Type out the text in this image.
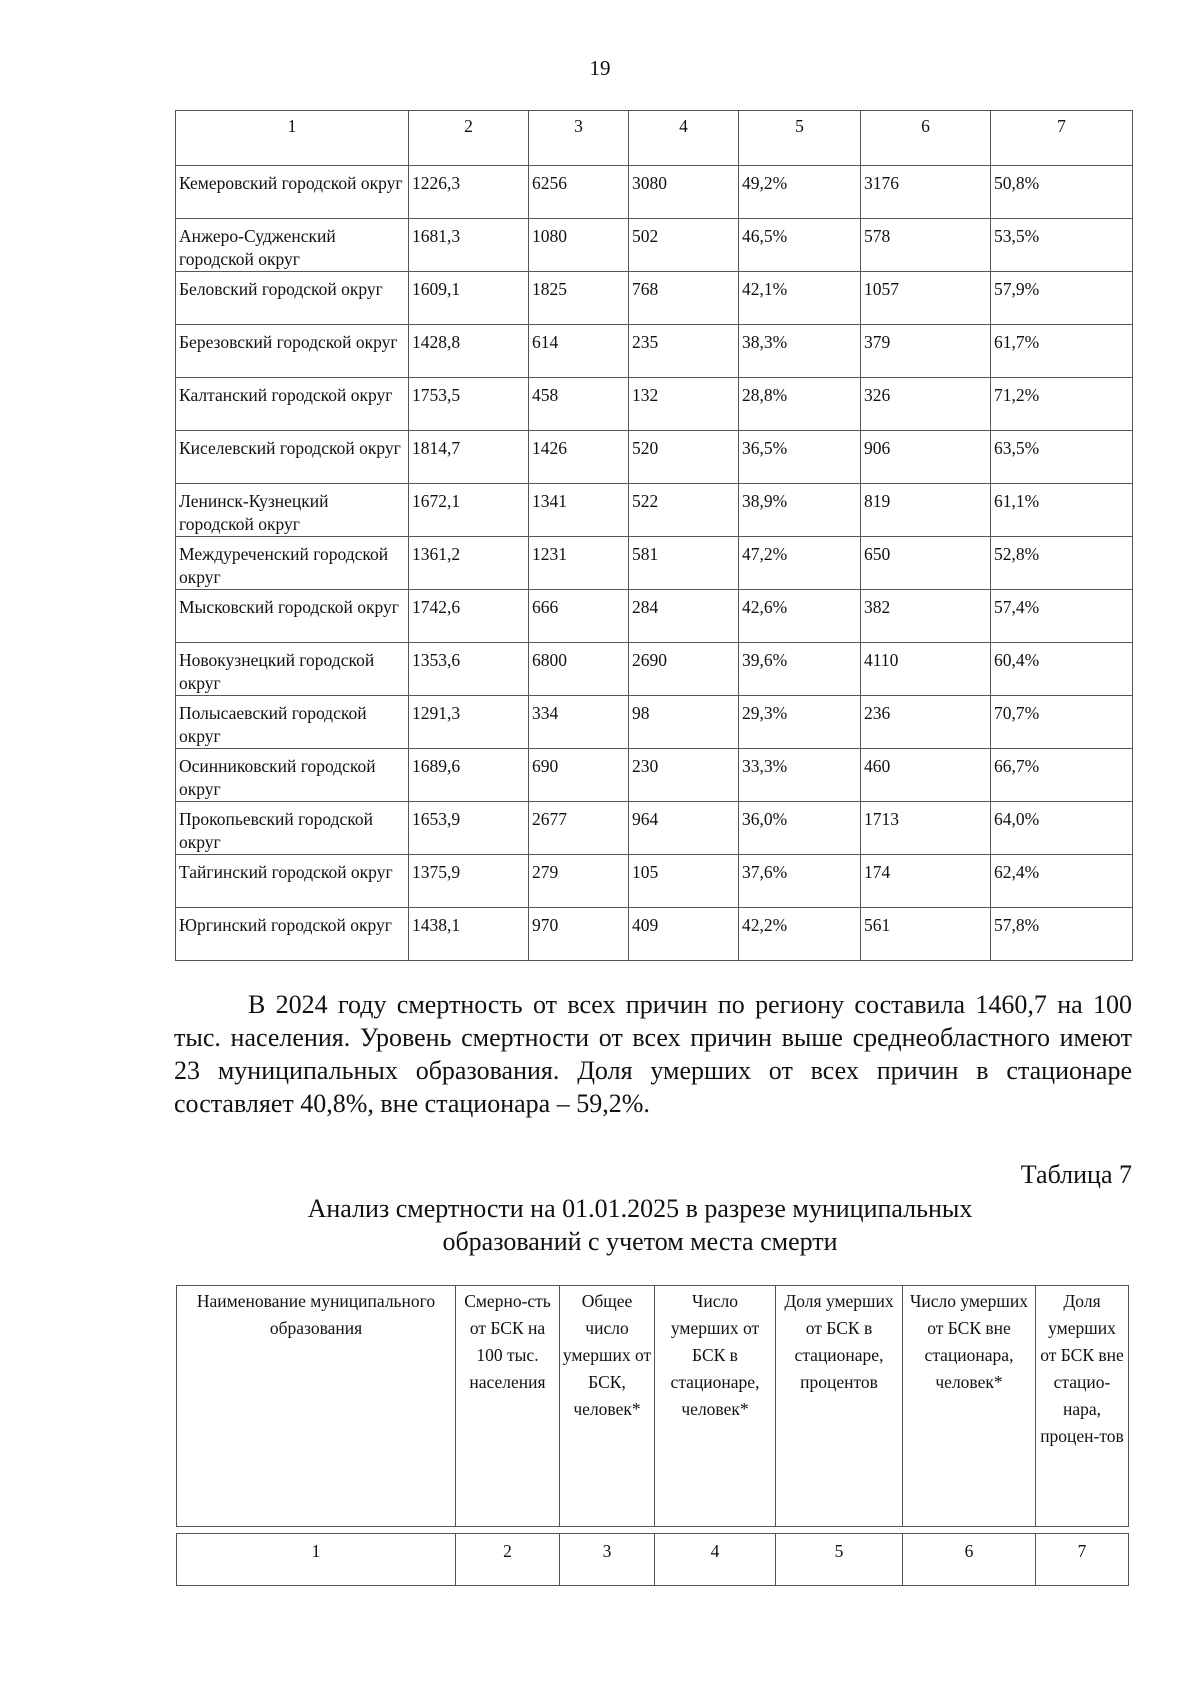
19
1	2	3	4	5	6	7
Кемеровский городской округ	1226,3	6256	3080	49,2%	3176	50,8%
Анжеро-Судженский городской округ	1681,3	1080	502	46,5%	578	53,5%
Беловский городской округ	1609,1	1825	768	42,1%	1057	57,9%
Березовский городской округ	1428,8	614	235	38,3%	379	61,7%
Калтанский городской округ	1753,5	458	132	28,8%	326	71,2%
Киселевский городской округ	1814,7	1426	520	36,5%	906	63,5%
Ленинск-Кузнецкий городской округ	1672,1	1341	522	38,9%	819	61,1%
Междуреченский городской округ	1361,2	1231	581	47,2%	650	52,8%
Мысковский городской округ	1742,6	666	284	42,6%	382	57,4%
Новокузнецкий городской округ	1353,6	6800	2690	39,6%	4110	60,4%
Полысаевский городской округ	1291,3	334	98	29,3%	236	70,7%
Осинниковский городской округ	1689,6	690	230	33,3%	460	66,7%
Прокопьевский городской округ	1653,9	2677	964	36,0%	1713	64,0%
Тайгинский городской округ	1375,9	279	105	37,6%	174	62,4%
Юргинский городской округ	1438,1	970	409	42,2%	561	57,8%

В 2024 году смертность от всех причин по региону составила 1460,7 на 100 тыс. населения. Уровень смертности от всех причин выше среднеобластного имеют 23 муниципальных образования. Доля умерших от всех причин в стационаре составляет 40,8%, вне стационара – 59,2%.

Таблица 7

Анализ смертности на 01.01.2025 в разрезе муниципальных образований с учетом места смерти

Наименование муниципального образования	Смерно-сть от БСК на 100 тыс. населения	Общее число умерших от БСК, человек*	Число умерших от БСК в стационаре, человек*	Доля умерших от БСК в стационаре, процентов	Число умерших от БСК вне стационара, человек*	Доля умерших от БСК вне стацио-нара, процен-тов

1	2	3	4	5	6	7
